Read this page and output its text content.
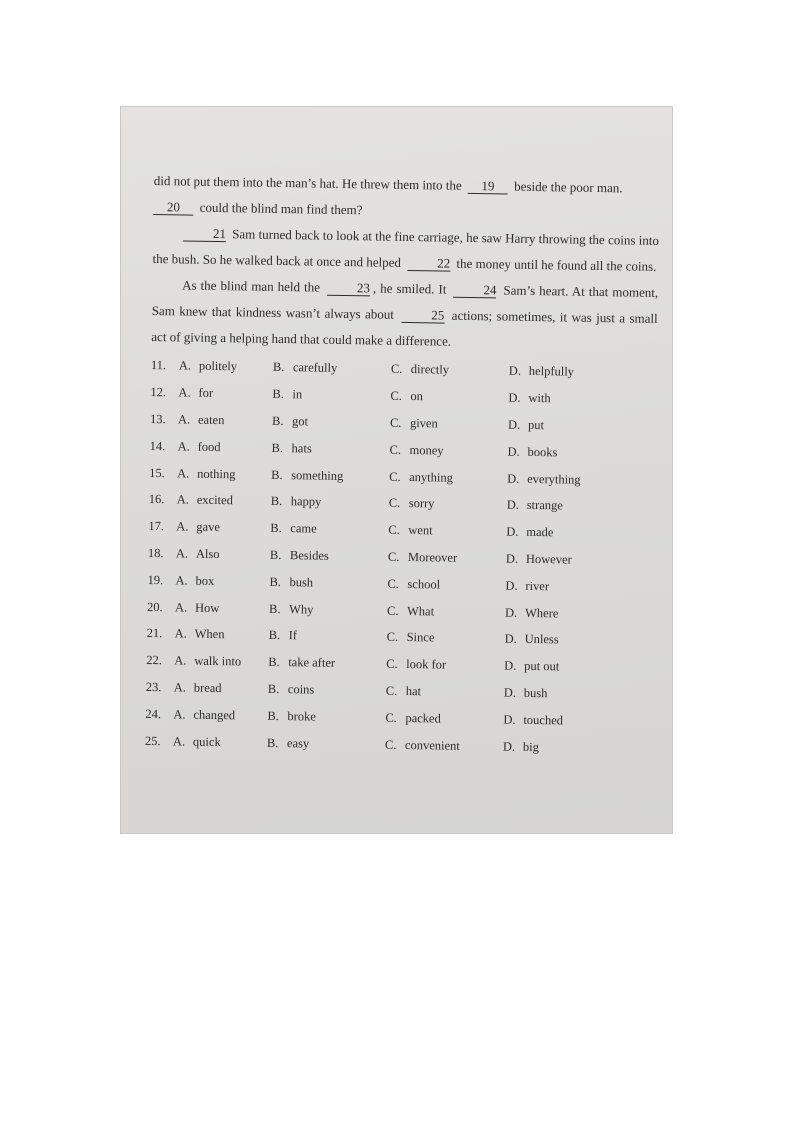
did not put them into the man’s hat. He threw them into the 19 beside the poor man.
20 could the blind man find them?

21 Sam turned back to look at the fine carriage, he saw Harry throwing the coins into the bush. So he walked back at once and helped	22 the money until he found all the coins.

As the blind man held the	23 , he smiled. It	24 Sam’s heart. At that moment, Sam knew that kindness wasn’t always about	25 actions; sometimes, it was just a small act of giving a helping hand that could make a difference.

11.	A. politely	B. carefully	C. directly	D. helpfully
12. A. for	B. in	C. on	D. with
13. A. eaten	B. got	C. given	D. put
14. A. food	B. hats	C. money	D. books
15. A. nothing	B. something	C. anything	D. everything
16. A. excited	B. happy	C. sorry	D. strange
17. A. gave	B. came	C. went	D. made
18. A. Also	B. Besides	C. Moreover	D. However
19. A. box	B. bush	C. school	D. river
20. A. How	B. Why	C. What	D. Where
21. A. When	B. If	C. Since	D. Unless
22. A. walk into B. take after	C. look for	D. put out
23. A. bread	B. coins	C. hat	D. bush
24. A. changed	B. broke	C. packed	D. touched
25. A. quick	B. easy	C. convenient	D. big
